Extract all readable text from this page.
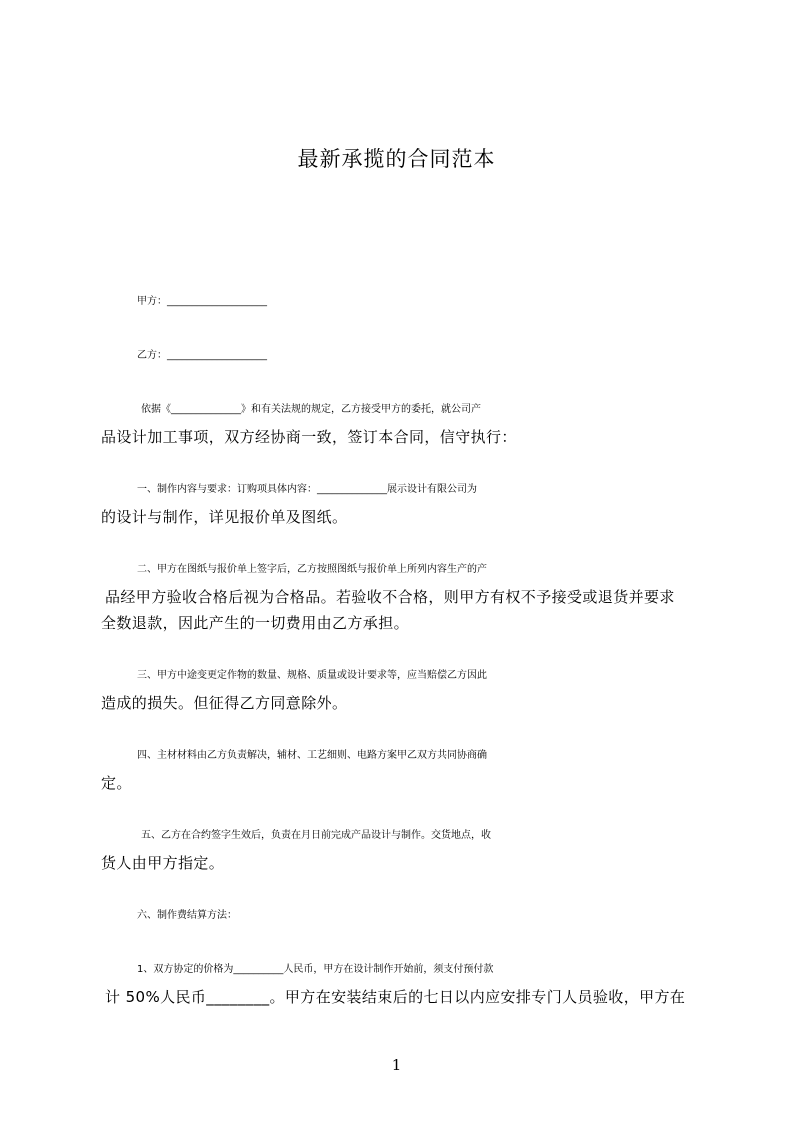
最新承揽的合同范本
甲方：____________________
乙方：____________________
依据《______________》和有关法规的规定，乙方接受甲方的委托，就公司产
品设计加工事项，双方经协商一致，签订本合同，信守执行：
一、制作内容与要求：订购项具体内容：______________展示设计有限公司为
的设计与制作，详见报价单及图纸。
二、甲方在图纸与报价单上签字后，乙方按照图纸与报价单上所列内容生产的产
品经甲方验收合格后视为合格品。若验收不合格，则甲方有权不予接受或退货并要求
全数退款，因此产生的一切费用由乙方承担。
三、甲方中途变更定作物的数量、规格、质量或设计要求等，应当赔偿乙方因此
造成的损失。但征得乙方同意除外。
四、主材材料由乙方负责解决，辅材、工艺细则、电路方案甲乙双方共同协商确
定。
五、乙方在合约签字生效后，负责在月日前完成产品设计与制作。交货地点，收
货人由甲方指定。
六、制作费结算方法：
1、双方协定的价格为__________人民币，甲方在设计制作开始前，须支付预付款
计 50%人民币________。甲方在安装结束后的七日以内应安排专门人员验收，甲方在
1
